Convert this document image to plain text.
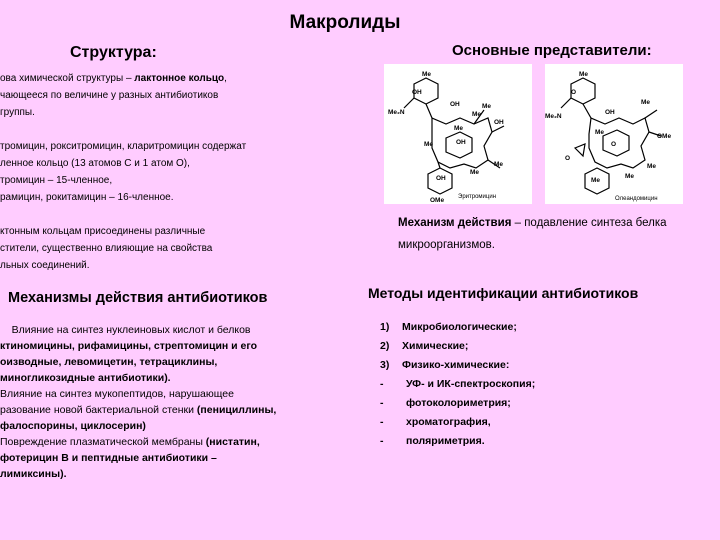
Макролиды
Структура:
ова химической структуры – лактонное кольцо,
чающееся по величине у разных антибиотиков
группы.
тромицин, рокситромицин, кларитромицин содержат
ленное кольцо (13 атомов С и 1 атом О),
тромицин – 15-членное,
рамицин, рокитамицин – 16-членное.
ктонным кольцам присоединены различные
стители, существенно влияющие на свойства
льных соединений.
Основные представители:
Me
OH
Me₂N
OH	Me
Me
OH
Me
OH
Me
Me
Me
OH
OMe Эритромицин
Me
O
Me₂N
OH
Me
OMe
Me
O
O
Me
Me
Me
Олеандомицин
Механизм действия – подавление синтеза белка микроорганизмов.
Механизмы действия антибиотиков
Влияние на синтез нуклеиновых кислот и белков
ктиномицины, рифамицины, стрептомицин и его
оизводные, левомицетин, тетрациклины,
миногликозидные антибиотики).
Влияние на синтез мукопептидов, нарушающее
разование новой бактериальной стенки (пенициллины,
фалоспорины, циклосерин)
Повреждение плазматической мембраны (нистатин,
фотерицин В и пептидные антибиотики –
лимиксины).
Методы идентификации антибиотиков
1) Микробиологические;
2) Химические;
3) Физико-химические:
- УФ- и ИК-спектроскопия;
- фотоколориметрия;
- хроматография,
- поляриметрия.
